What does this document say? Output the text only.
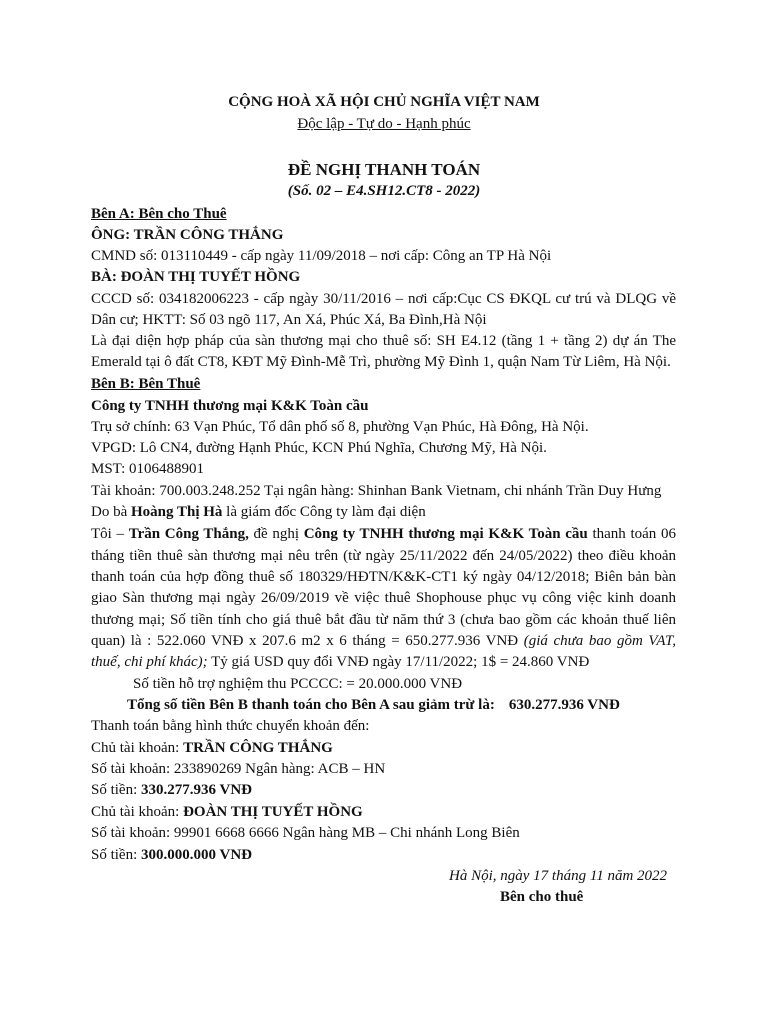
CỘNG HOÀ XÃ HỘI CHỦ NGHĨA VIỆT NAM
Độc lập - Tự do - Hạnh phúc
ĐỀ NGHỊ THANH TOÁN
(Số. 02 – E4.SH12.CT8 - 2022)
Bên A: Bên cho Thuê
ÔNG: TRẦN CÔNG THẮNG
CMND số: 013110449 - cấp ngày 11/09/2018 – nơi cấp: Công an TP Hà Nội
BÀ: ĐOÀN THỊ TUYẾT HỒNG
CCCD số: 034182006223 - cấp ngày 30/11/2016 – nơi cấp:Cục CS ĐKQL cư trú và DLQG về
Dân cư; HKTT: Số 03 ngõ 117, An Xá, Phúc Xá, Ba Đình,Hà Nội
Là đại diện hợp pháp của sàn thương mại cho thuê số: SH E4.12 (tầng 1 + tầng 2) dự án The
Emerald tại ô đất CT8, KĐT Mỹ Đình-Mễ Trì, phường Mỹ Đình 1, quận Nam Từ Liêm, Hà Nội.
Bên B: Bên Thuê
Công ty TNHH thương mại K&K Toàn cầu
Trụ sở chính: 63 Vạn Phúc, Tổ dân phố số 8, phường Vạn Phúc, Hà Đông, Hà Nội.
VPGD: Lô CN4, đường Hạnh Phúc, KCN Phú Nghĩa, Chương Mỹ, Hà Nội.
MST: 0106488901
Tài khoản: 700.003.248.252 Tại ngân hàng: Shinhan Bank Vietnam, chi nhánh Trần Duy Hưng
Do bà Hoàng Thị Hà là giám đốc Công ty làm đại diện
Tôi – Trần Công Thắng, đề nghị Công ty TNHH thương mại K&K Toàn cầu thanh toán 06
tháng tiền thuê sàn thương mại nêu trên (từ ngày 25/11/2022 đến 24/05/2022) theo điều khoản
thanh toán của hợp đồng thuê số 180329/HĐTN/K&K-CT1 ký ngày 04/12/2018; Biên bản bàn
giao Sàn thương mại ngày 26/09/2019 về việc thuê Shophouse phục vụ công việc kinh doanh
thương mại; Số tiền tính cho giá thuê bắt đầu từ năm thứ 3 (chưa bao gồm các khoản thuế liên
quan) là : 522.060 VNĐ x 207.6 m2 x 6 tháng = 650.277.936 VNĐ (giá chưa bao gồm VAT,
thuế, chi phí khác); Tỷ giá USD quy đổi VNĐ ngày 17/11/2022; 1$ = 24.860 VNĐ
Số tiền hỗ trợ nghiệm thu PCCCC: = 20.000.000 VNĐ
Tổng số tiền Bên B thanh toán cho Bên A sau giảm trừ là: 630.277.936 VNĐ
Thanh toán bằng hình thức chuyển khoản đến:
Chủ tài khoản: TRẦN CÔNG THẮNG
Số tài khoản: 233890269 Ngân hàng: ACB – HN
Số tiền: 330.277.936 VNĐ
Chủ tài khoản: ĐOÀN THỊ TUYẾT HỒNG
Số tài khoản: 99901 6668 6666 Ngân hàng MB – Chi nhánh Long Biên
Số tiền: 300.000.000 VNĐ
Hà Nội, ngày 17 tháng 11 năm 2022
Bên cho thuê
